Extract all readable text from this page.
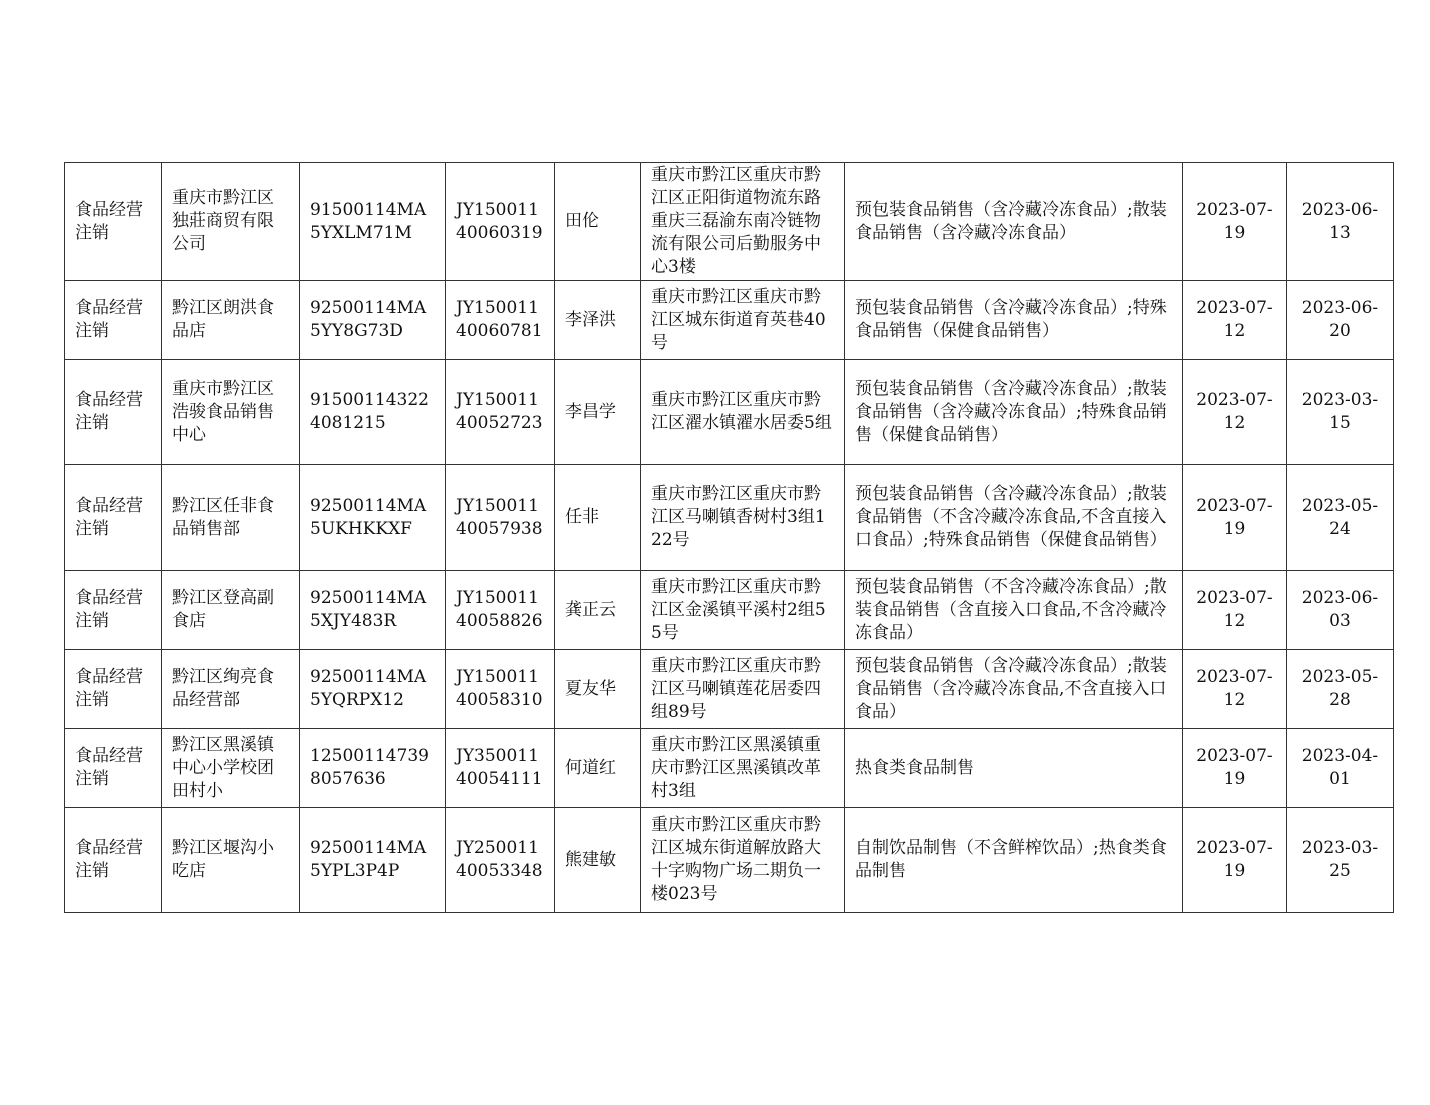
食品经营注销	重庆市黔江区独莊商贸有限公司	91500114MA5YXLM71M	JY15001140060319	田伦	重庆市黔江区重庆市黔江区正阳街道物流东路重庆三磊渝东南冷链物流有限公司后勤服务中心3楼	预包装食品销售（含冷藏冷冻食品）;散装食品销售（含冷藏冷冻食品）	2023-07-19	2023-06-13
食品经营注销	黔江区朗洪食品店	92500114MA5YY8G73D	JY15001140060781	李泽洪	重庆市黔江区重庆市黔江区城东街道育英巷40号	预包装食品销售（含冷藏冷冻食品）;特殊食品销售（保健食品销售）	2023-07-12	2023-06-20
食品经营注销	重庆市黔江区浩骏食品销售中心	915001143224081215	JY15001140052723	李昌学	重庆市黔江区重庆市黔江区濯水镇濯水居委5组	预包装食品销售（含冷藏冷冻食品）;散装食品销售（含冷藏冷冻食品）;特殊食品销售（保健食品销售）	2023-07-12	2023-03-15
食品经营注销	黔江区任非食品销售部	92500114MA5UKHKKXF	JY15001140057938	任非	重庆市黔江区重庆市黔江区马喇镇香树村3组122号	预包装食品销售（含冷藏冷冻食品）;散装食品销售（不含冷藏冷冻食品,不含直接入口食品）;特殊食品销售（保健食品销售）	2023-07-19	2023-05-24
食品经营注销	黔江区登高副食店	92500114MA5XJY483R	JY15001140058826	龚正云	重庆市黔江区重庆市黔江区金溪镇平溪村2组55号	预包装食品销售（不含冷藏冷冻食品）;散装食品销售（含直接入口食品,不含冷藏冷冻食品）	2023-07-12	2023-06-03
食品经营注销	黔江区绚亮食品经营部	92500114MA5YQRPX12	JY15001140058310	夏友华	重庆市黔江区重庆市黔江区马喇镇莲花居委四组89号	预包装食品销售（含冷藏冷冻食品）;散装食品销售（含冷藏冷冻食品,不含直接入口食品）	2023-07-12	2023-05-28
食品经营注销	黔江区黑溪镇中心小学校团田村小	125001147398057636	JY35001140054111	何道红	重庆市黔江区黑溪镇重庆市黔江区黑溪镇改革村3组	热食类食品制售	2023-07-19	2023-04-01
食品经营注销	黔江区堰沟小吃店	92500114MA5YPL3P4P	JY25001140053348	熊建敏	重庆市黔江区重庆市黔江区城东街道解放路大十字购物广场二期负一楼023号	自制饮品制售（不含鲜榨饮品）;热食类食品制售	2023-07-19	2023-03-25
